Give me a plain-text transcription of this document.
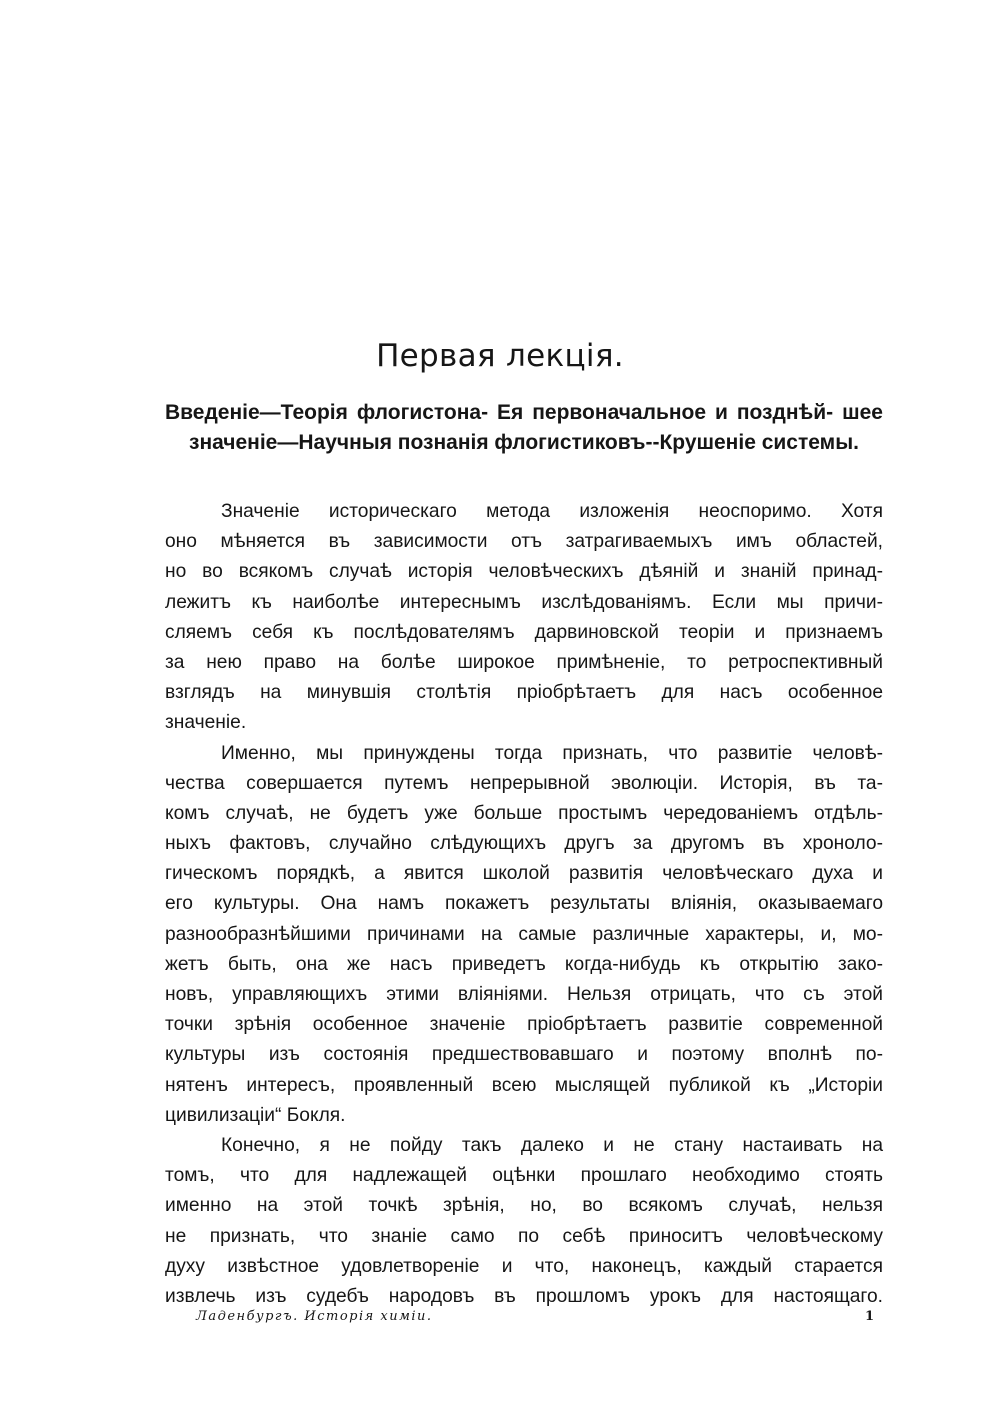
Первая лекція.
Введеніе—Теорія флогистона- Ея первоначальное и позднѣй- шее значеніе—Научныя познанія флогистиковъ--Крушеніе системы.
Значеніе историческаго метода изложенія неоспоримо. Хотя
оно мѣняется въ зависимости отъ затрагиваемыхъ имъ областей,
но во всякомъ случаѣ исторія человѣческихъ дѣяній и знаній принад-
лежитъ къ наиболѣе интереснымъ изслѣдованіямъ. Если мы причи-
сляемъ себя къ послѣдователямъ дарвиновской теоріи и признаемъ
за нею право на болѣе широкое примѣненіе, то ретроспективный
взглядъ на минувшія столѣтія пріобрѣтаетъ для насъ особенное
значеніе.
Именно, мы принуждены тогда признать, что развитіе человѣ-
чества совершается путемъ непрерывной эволюціи. Исторія, въ та-
комъ случаѣ, не будетъ уже больше простымъ чередованіемъ отдѣль-
ныхъ фактовъ, случайно слѣдующихъ другъ за другомъ въ хроноло-
гическомъ порядкѣ, а явится школой развитія человѣческаго духа и
его культуры. Она намъ покажетъ результаты вліянія, оказываемаго
разнообразнѣйшими причинами на самые различные характеры, и, мо-
жетъ быть, она же насъ приведетъ когда-нибудь къ открытію зако-
новъ, управляющихъ этими вліяніями. Нельзя отрицать, что съ этой
точки зрѣнія особенное значеніе пріобрѣтаетъ развитіе современной
культуры изъ состоянія предшествовавшаго и поэтому вполнѣ по-
нятенъ интересъ, проявленный всею мыслящей публикой къ „Исторіи
цивилизаціи“ Бокля.
Конечно, я не пойду такъ далеко и не стану настаивать на
томъ, что для надлежащей оцѣнки прошлаго необходимо стоять
именно на этой точкѣ зрѣнія, но, во всякомъ случаѣ, нельзя
не признать, что знаніе само по себѣ приноситъ человѣческому
духу извѣстное удовлетвореніе и что, наконецъ, каждый старается
извлечь изъ судебъ народовъ въ прошломъ урокъ для настоящаго.
Ладенбургъ. Исторія химіи.	1
